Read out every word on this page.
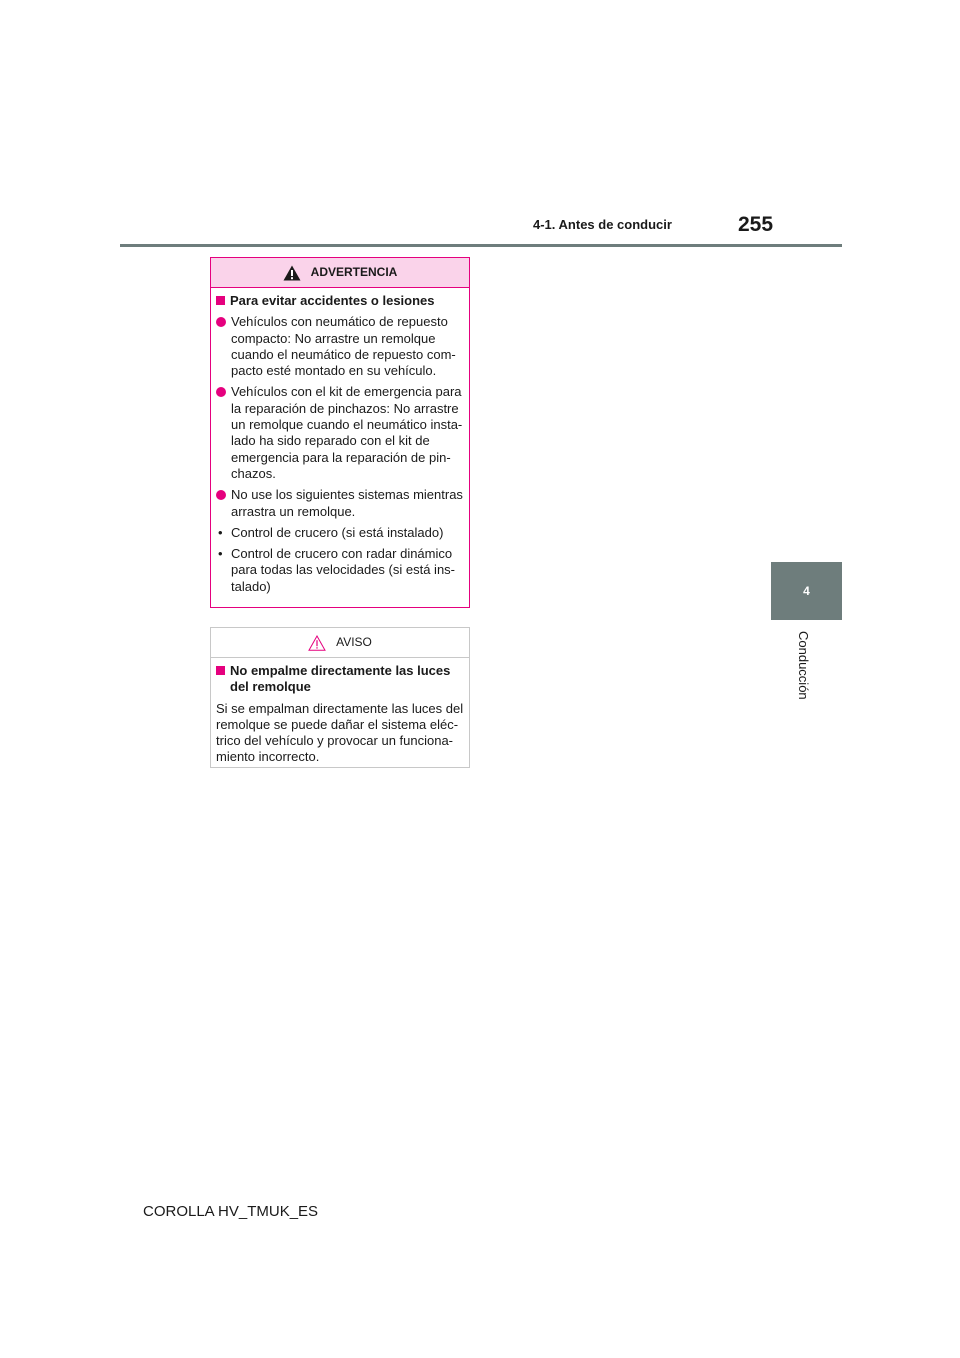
4-1. Antes de conducir	255
4
Conducción
ADVERTENCIA
Para evitar accidentes o lesiones
Vehículos con neumático de repuesto compacto: No arrastre un remolque cuando el neumático de repuesto com-pacto esté montado en su vehículo.
Vehículos con el kit de emergencia para la reparación de pinchazos: No arrastre un remolque cuando el neumático insta-lado ha sido reparado con el kit de emergencia para la reparación de pin-chazos.
No use los siguientes sistemas mientras arrastra un remolque.
• Control de crucero (si está instalado)
• Control de crucero con radar dinámico para todas las velocidades (si está ins-talado)
AVISO
No empalme directamente las luces del remolque
Si se empalman directamente las luces del remolque se puede dañar el sistema eléc-trico del vehículo y provocar un funciona-miento incorrecto.
COROLLA HV_TMUK_ES
